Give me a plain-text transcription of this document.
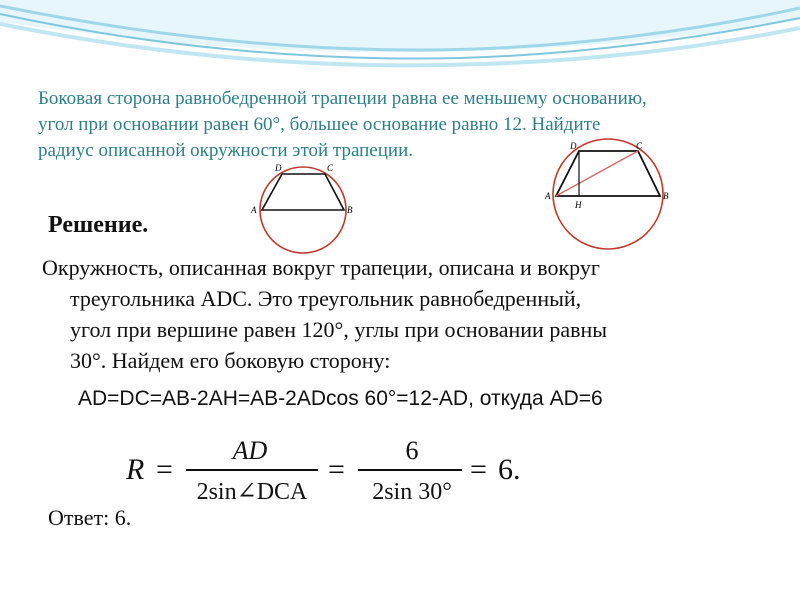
Боковая сторона равнобедренной трапеции равна ее меньшему основанию,
угол при основании равен 60°, большее основание равно 12. Найдите
радиус описанной окружности этой трапеции.
A	B
D	C
A	B
D	C
H
Решение.
Окружность, описанная вокруг трапеции, описана и вокруг
треугольника ADC. Это треугольник равнобедренный,
угол при вершине равен 120°, углы при основании равны
30°. Найдем его боковую сторону:
AD=DC=AB-2AH=AB-2ADcos 60°=12-AD, откуда AD=6
R =
AD
2sin∠DCA
=
6
2sin 30°
= 6.
Ответ: 6.
